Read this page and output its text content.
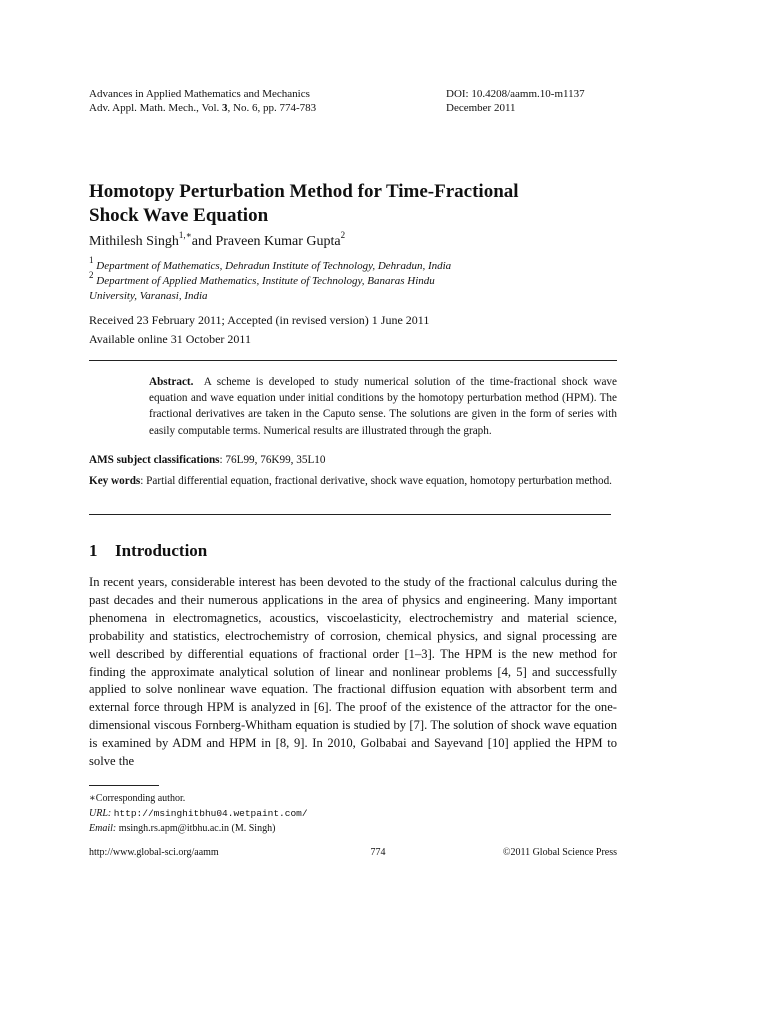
Advances in Applied Mathematics and Mechanics
Adv. Appl. Math. Mech., Vol. 3, No. 6, pp. 774-783
DOI: 10.4208/aamm.10-m1137
December 2011
Homotopy Perturbation Method for Time-Fractional
Shock Wave Equation
Mithilesh Singh$^{1,∗}$and Praveen Kumar Gupta$^2$
$^1$ Department of Mathematics, Dehradun Institute of Technology, Dehradun, India
$^2$ Department of Applied Mathematics, Institute of Technology, Banaras Hindu
University, Varanasi, India
Received 23 February 2011; Accepted (in revised version) 1 June 2011
Available online 31 October 2011
Abstract. A scheme is developed to study numerical solution of the time-fractional shock wave equation and wave equation under initial conditions by the homotopy perturbation method (HPM). The fractional derivatives are taken in the Caputo sense. The solutions are given in the form of series with easily computable terms. Numerical results are illustrated through the graph.
AMS subject classifications: 76L99, 76K99, 35L10
Key words: Partial differential equation, fractional derivative, shock wave equation, homotopy perturbation method.
1 Introduction
In recent years, considerable interest has been devoted to the study of the fractional calculus during the past decades and their numerous applications in the area of physics and engineering. Many important phenomena in electromagnetics, acoustics, viscoelasticity, electrochemistry and material science, probability and statistics, electrochemistry of corrosion, chemical physics, and signal processing are well described by differential equations of fractional order [1–3]. The HPM is the new method for finding the approximate analytical solution of linear and nonlinear problems [4, 5] and successfully applied to solve nonlinear wave equation. The fractional diffusion equation with absorbent term and external force through HPM is analyzed in [6]. The proof of the existence of the attractor for the one-dimensional viscous Fornberg-Whitham equation is studied by [7]. The solution of shock wave equation is examined by ADM and HPM in [8, 9]. In 2010, Golbabai and Sayevand [10] applied the HPM to solve the
∗Corresponding author.
URL: http://msinghitbhu04.wetpaint.com/
Email: msingh.rs.apm@itbhu.ac.in (M. Singh)
http://www.global-sci.org/aamm	774	©2011 Global Science Press
